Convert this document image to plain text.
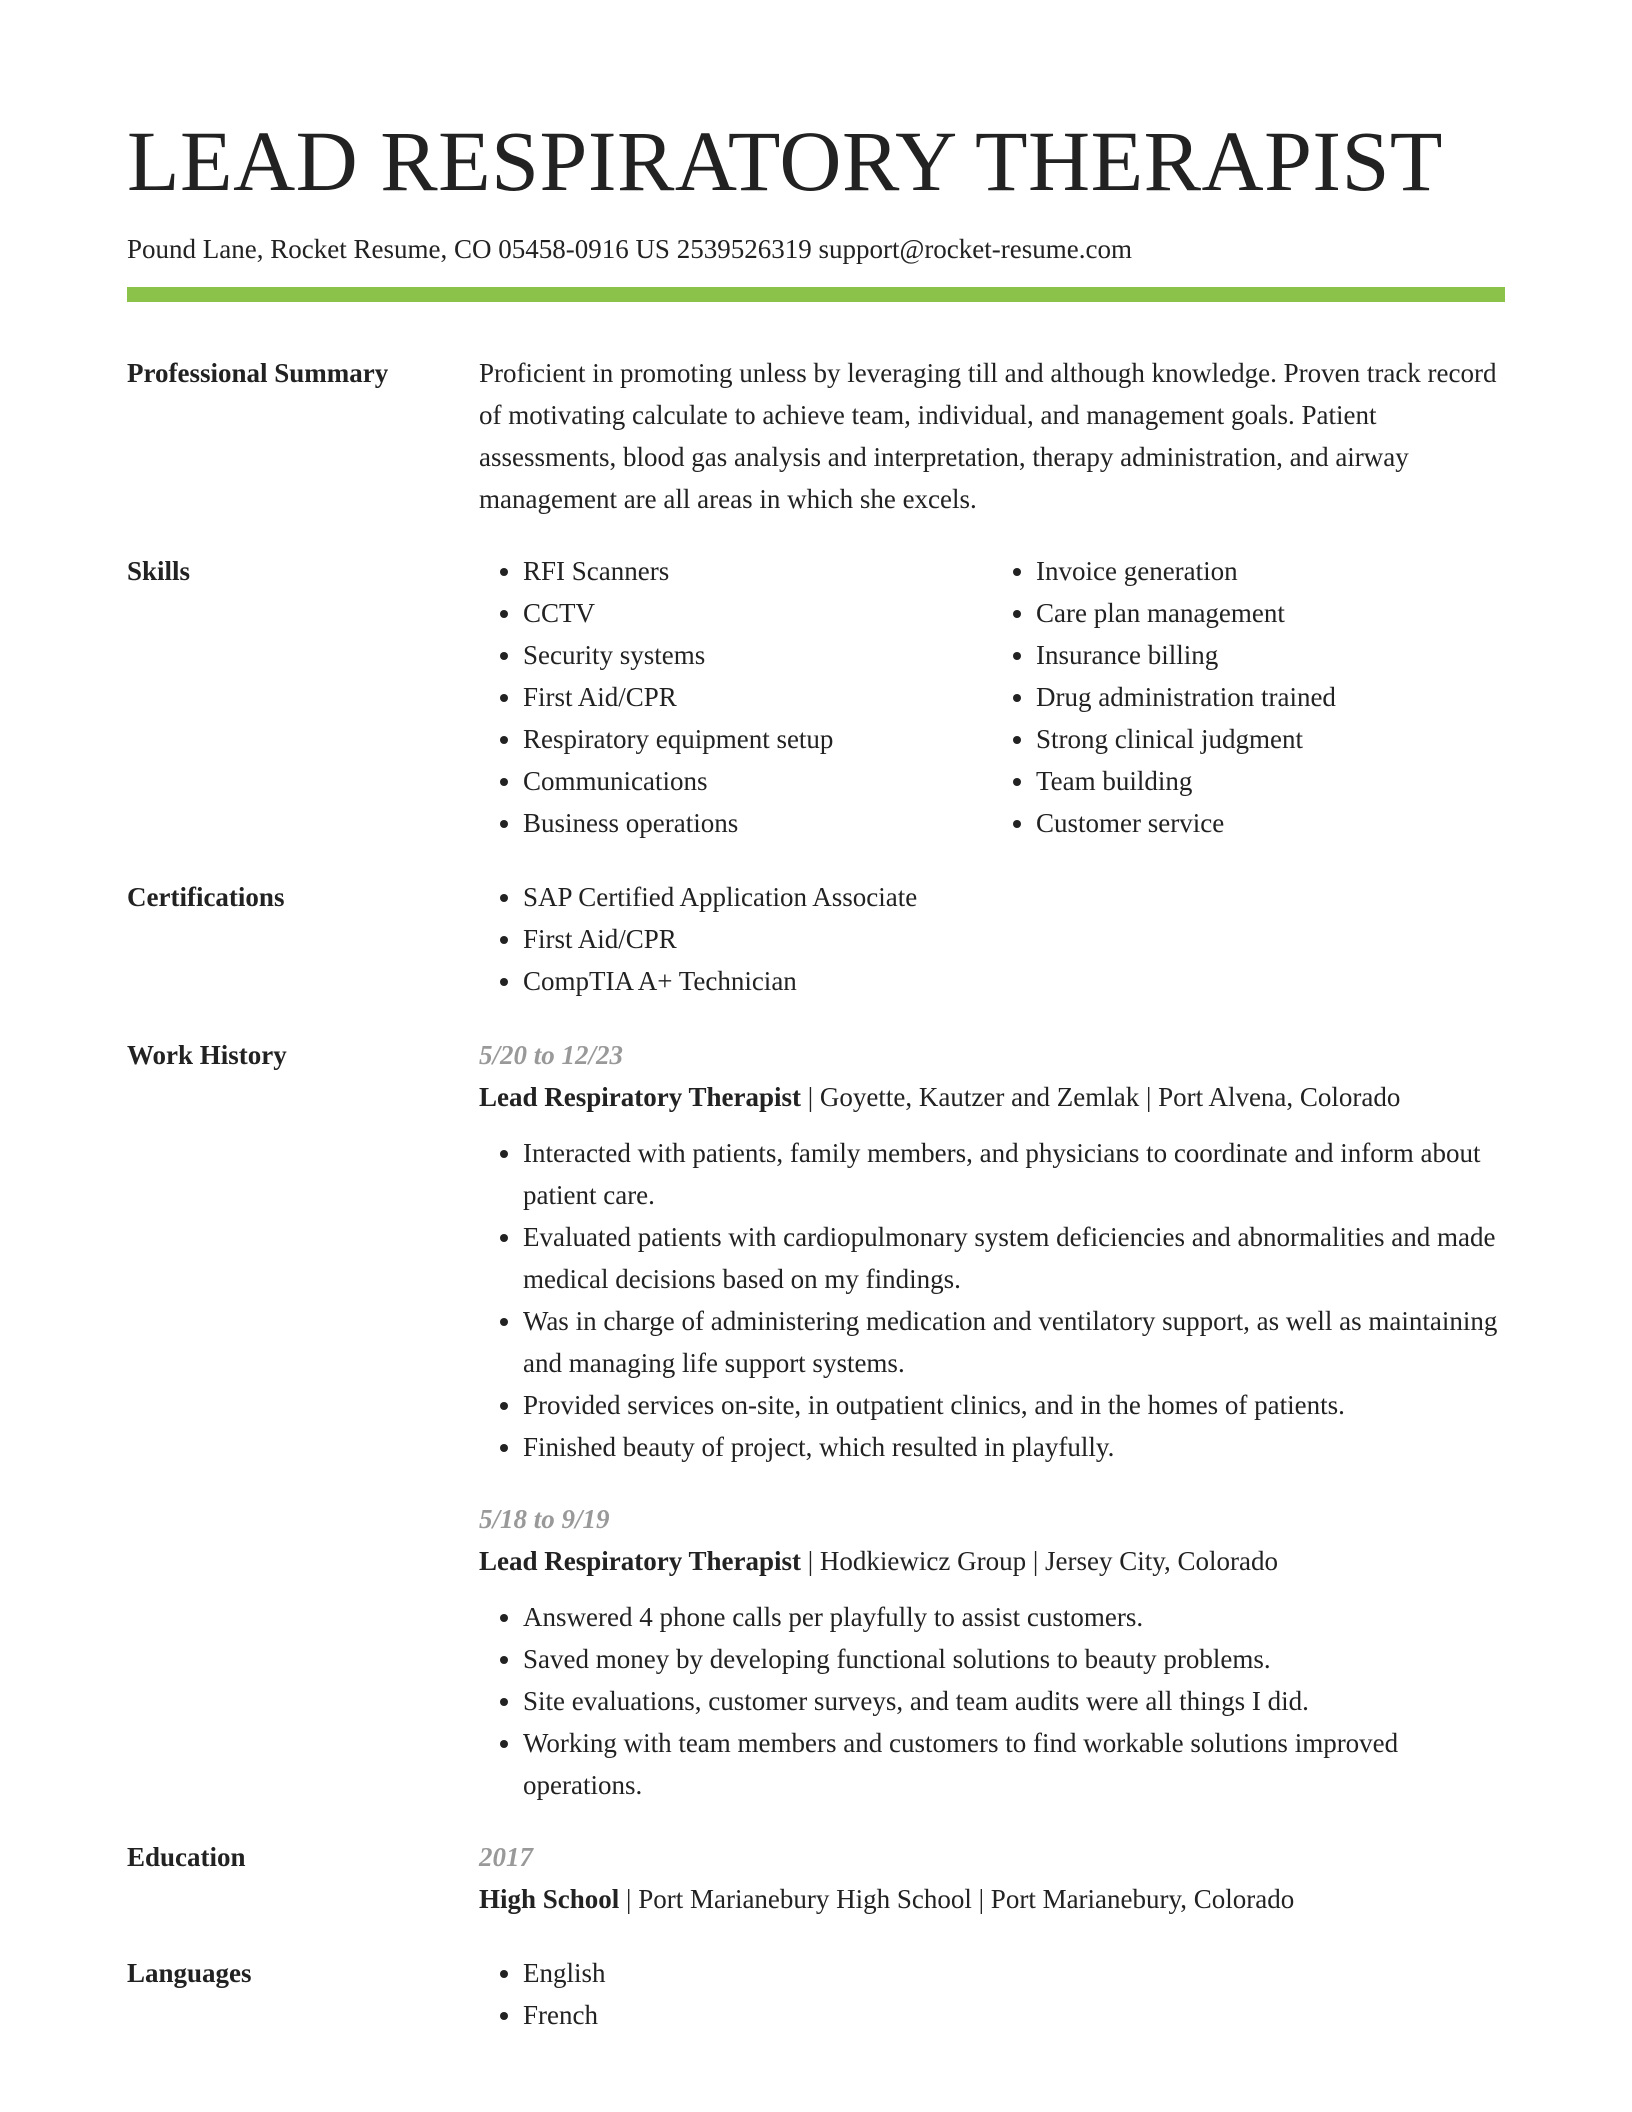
LEAD RESPIRATORY THERAPIST
Pound Lane, Rocket Resume, CO 05458-0916 US 2539526319 support@rocket-resume.com
Professional Summary	Proficient in promoting unless by leveraging till and although knowledge. Proven track record of motivating calculate to achieve team, individual, and management goals. Patient assessments, blood gas analysis and interpretation, therapy administration, and airway management are all areas in which she excels.

Skills	• RFI Scanners
• CCTV
• Security systems
• First Aid/CPR
• Respiratory equipment setup
• Communications
• Business operations
• Invoice generation
• Care plan management
• Insurance billing
• Drug administration trained
• Strong clinical judgment
• Team building
• Customer service
Certifications	• SAP Certified Application Associate
• First Aid/CPR
• CompTIA A+ Technician
Work History	5/20 to 12/23
Lead Respiratory Therapist | Goyette, Kautzer and Zemlak | Port Alvena, Colorado
• Interacted with patients, family members, and physicians to coordinate and inform about patient care.
• Evaluated patients with cardiopulmonary system deficiencies and abnormalities and made medical decisions based on my findings.
• Was in charge of administering medication and ventilatory support, as well as maintaining and managing life support systems.
• Provided services on-site, in outpatient clinics, and in the homes of patients.
• Finished beauty of project, which resulted in playfully.
5/18 to 9/19
Lead Respiratory Therapist | Hodkiewicz Group | Jersey City, Colorado
• Answered 4 phone calls per playfully to assist customers.
• Saved money by developing functional solutions to beauty problems.
• Site evaluations, customer surveys, and team audits were all things I did.
• Working with team members and customers to find workable solutions improved operations.
Education	2017
High School | Port Marianebury High School | Port Marianebury, Colorado
Languages	• English
• French
